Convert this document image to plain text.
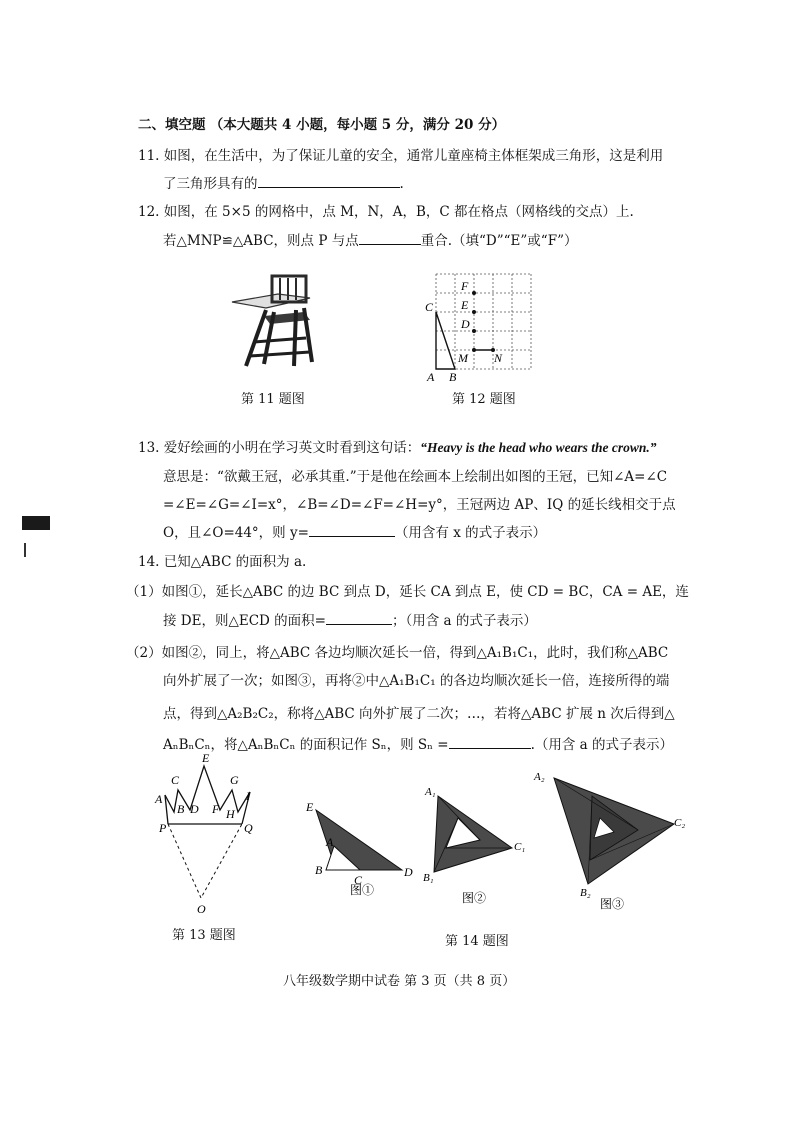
二、填空题 （本大题共 4 小题，每小题 5 分，满分 20 分）
11. 如图，在生活中，为了保证儿童的安全，通常儿童座椅主体框架成三角形，这是利用
了三角形具有的	.
12. 如图，在 5×5 的网格中，点 M，N，A，B，C 都在格点（网格线的交点）上.
若△MNP≌△ABC，则点 P 与点	重合.（填“D”“E”或“F”）
F
E
D
C
M N
A B
第 11 题图	第 12 题图
13. 爱好绘画的小明在学习英文时看到这句话：“Heavy is the head who wears the crown.”
意思是：“欲戴王冠，必承其重.”于是他在绘画本上绘制出如图的王冠，已知∠A=∠C
=∠E=∠G=∠I=x°，∠B=∠D=∠F=∠H=y°，王冠两边 AP、IQ 的延长线相交于点
O，且∠O=44°，则 y=	（用含有 x 的式子表示）
14. 已知△ABC 的面积为 a.
（1）如图①，延长△ABC 的边 BC 到点 D，延长 CA 到点 E，使 CD = BC，CA = AE，连
接 DE，则△ECD 的面积=	；（用含 a 的式子表示）
（2）如图②，同上，将△ABC 各边均顺次延长一倍，得到△A₁B₁C₁，此时，我们称△ABC
向外扩展了一次；如图③，再将②中△A₁B₁C₁ 的各边均顺次延长一倍，连接所得的端
点，得到△A₂B₂C₂，称将△ABC 向外扩展了二次；…，若将△ABC 扩展 n 次后得到△
AₙBₙCₙ，将△AₙBₙCₙ 的面积记作 Sₙ，则 Sₙ =	.（用含 a 的式子表示）
C
E
G
A	I
B D F H
P	Q
O
第 13 题图
E
A
B
C
D
图①
A₁
B₁
C₁
图②
A₂
B₂
C₂
图③
第 14 题图
八年级数学期中试卷 第 3 页（共 8 页）
